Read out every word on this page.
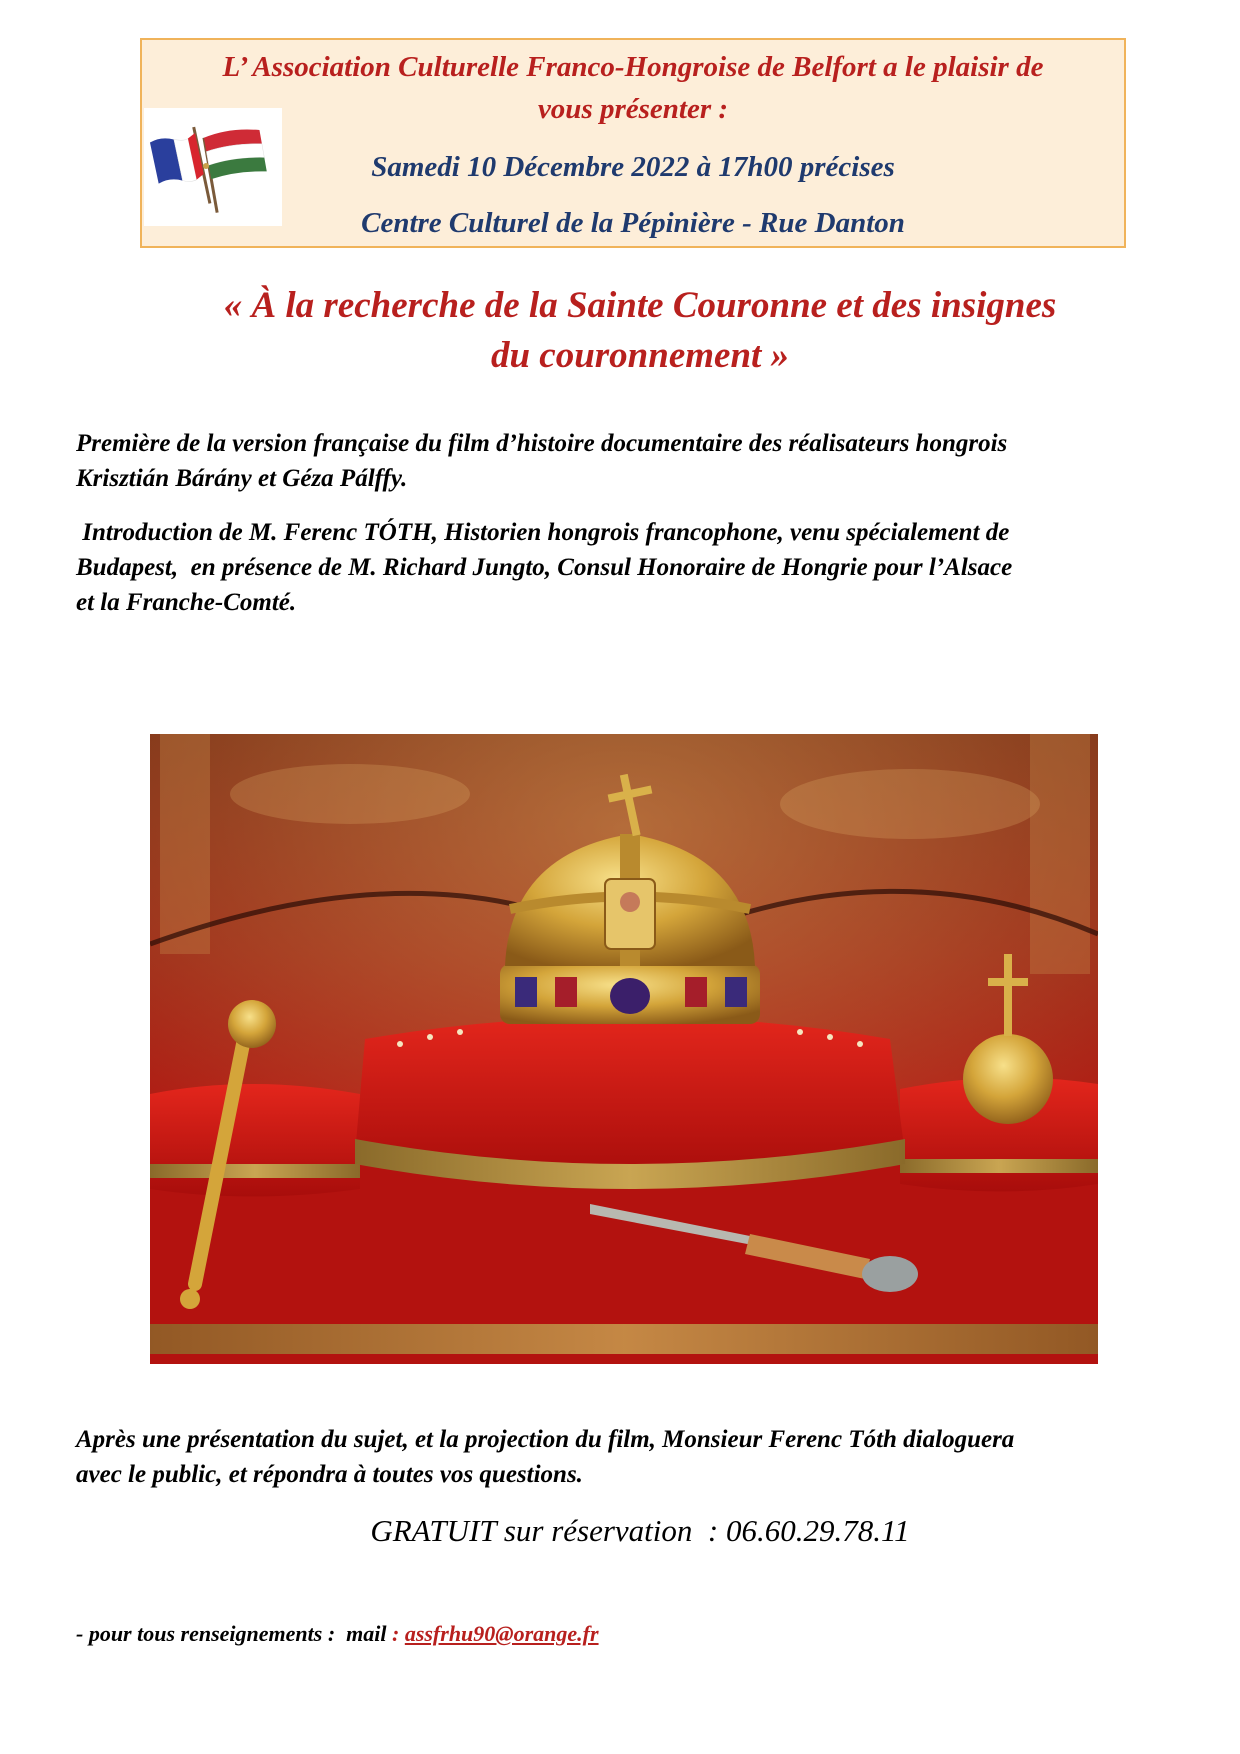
L’ Association Culturelle Franco-Hongroise de Belfort a le plaisir de
vous présenter :
Samedi 10 Décembre 2022 à 17h00 précises
Centre Culturel de la Pépinière - Rue Danton
« À la recherche de la Sainte Couronne et des insignes
du couronnement »

Première de la version française du film d’histoire documentaire des réalisateurs hongrois

Krisztián Bárány et Géza Pálffy.

Introduction de M. Ferenc TÓTH, Historien hongrois francophone, venu spécialement de

Budapest,  en présence de M. Richard Jungto, Consul Honoraire de Hongrie pour l’Alsace

et la Franche-Comté.

Après une présentation du sujet, et la projection du film, Monsieur Ferenc Tóth dialoguera

avec le public, et répondra à toutes vos questions.

GRATUIT sur réservation  : 06.60.29.78.11
- pour tous renseignements :  mail : assfrhu90@orange.fr
